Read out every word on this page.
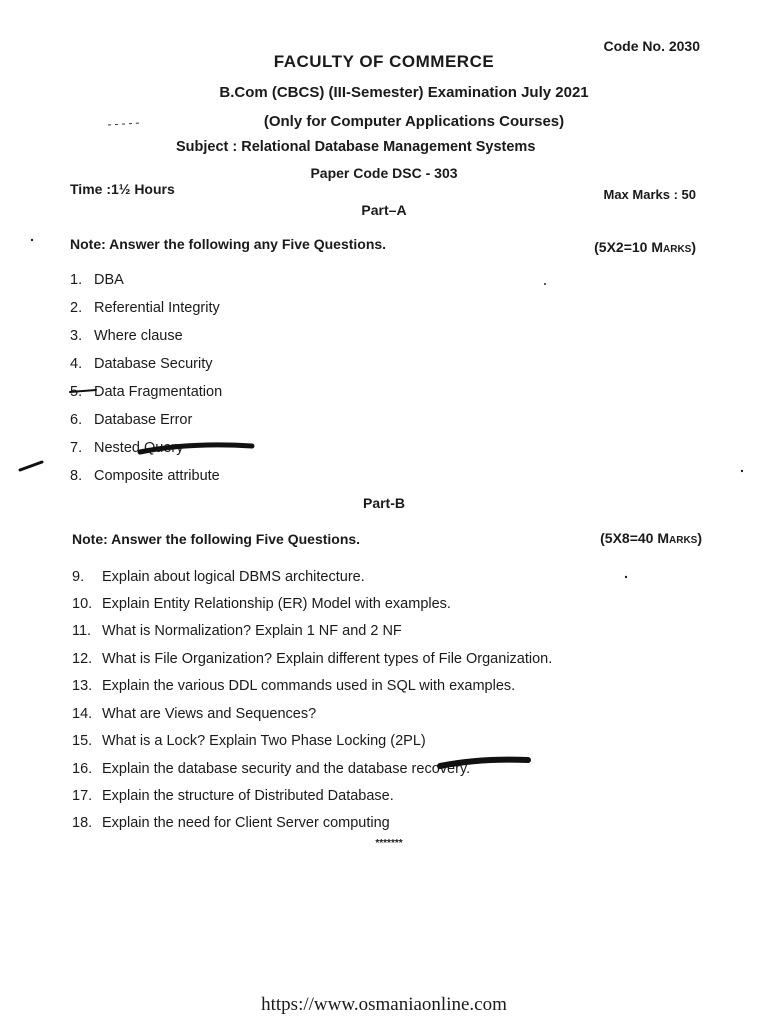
Code No. 2030
FACULTY OF COMMERCE
B.Com (CBCS) (III-Semester) Examination July 2021
(Only for Computer Applications Courses)
Subject : Relational Database Management Systems
Paper Code DSC - 303
Time :1½ Hours	Max Marks : 50
Part–A
Note: Answer the following any Five Questions.	(5X2=10 Marks)
1. DBA
2. Referential Integrity
3. Where clause
4. Database Security
5. Data Fragmentation
6. Database Error
7. Nested Query
8. Composite attribute
Part-B
Note: Answer the following Five Questions.	(5X8=40 Marks)
9. Explain about logical DBMS architecture.
10. Explain Entity Relationship (ER) Model with examples.
11. What is Normalization? Explain 1 NF and 2 NF
12. What is File Organization? Explain different types of File Organization.
13. Explain the various DDL commands used in SQL with examples.
14. What are Views and Sequences?
15. What is a Lock? Explain Two Phase Locking (2PL)
16. Explain the database security and the database recovery.
17. Explain the structure of Distributed Database.
18. Explain the need for Client Server computing
*******
https://www.osmaniaonline.com
